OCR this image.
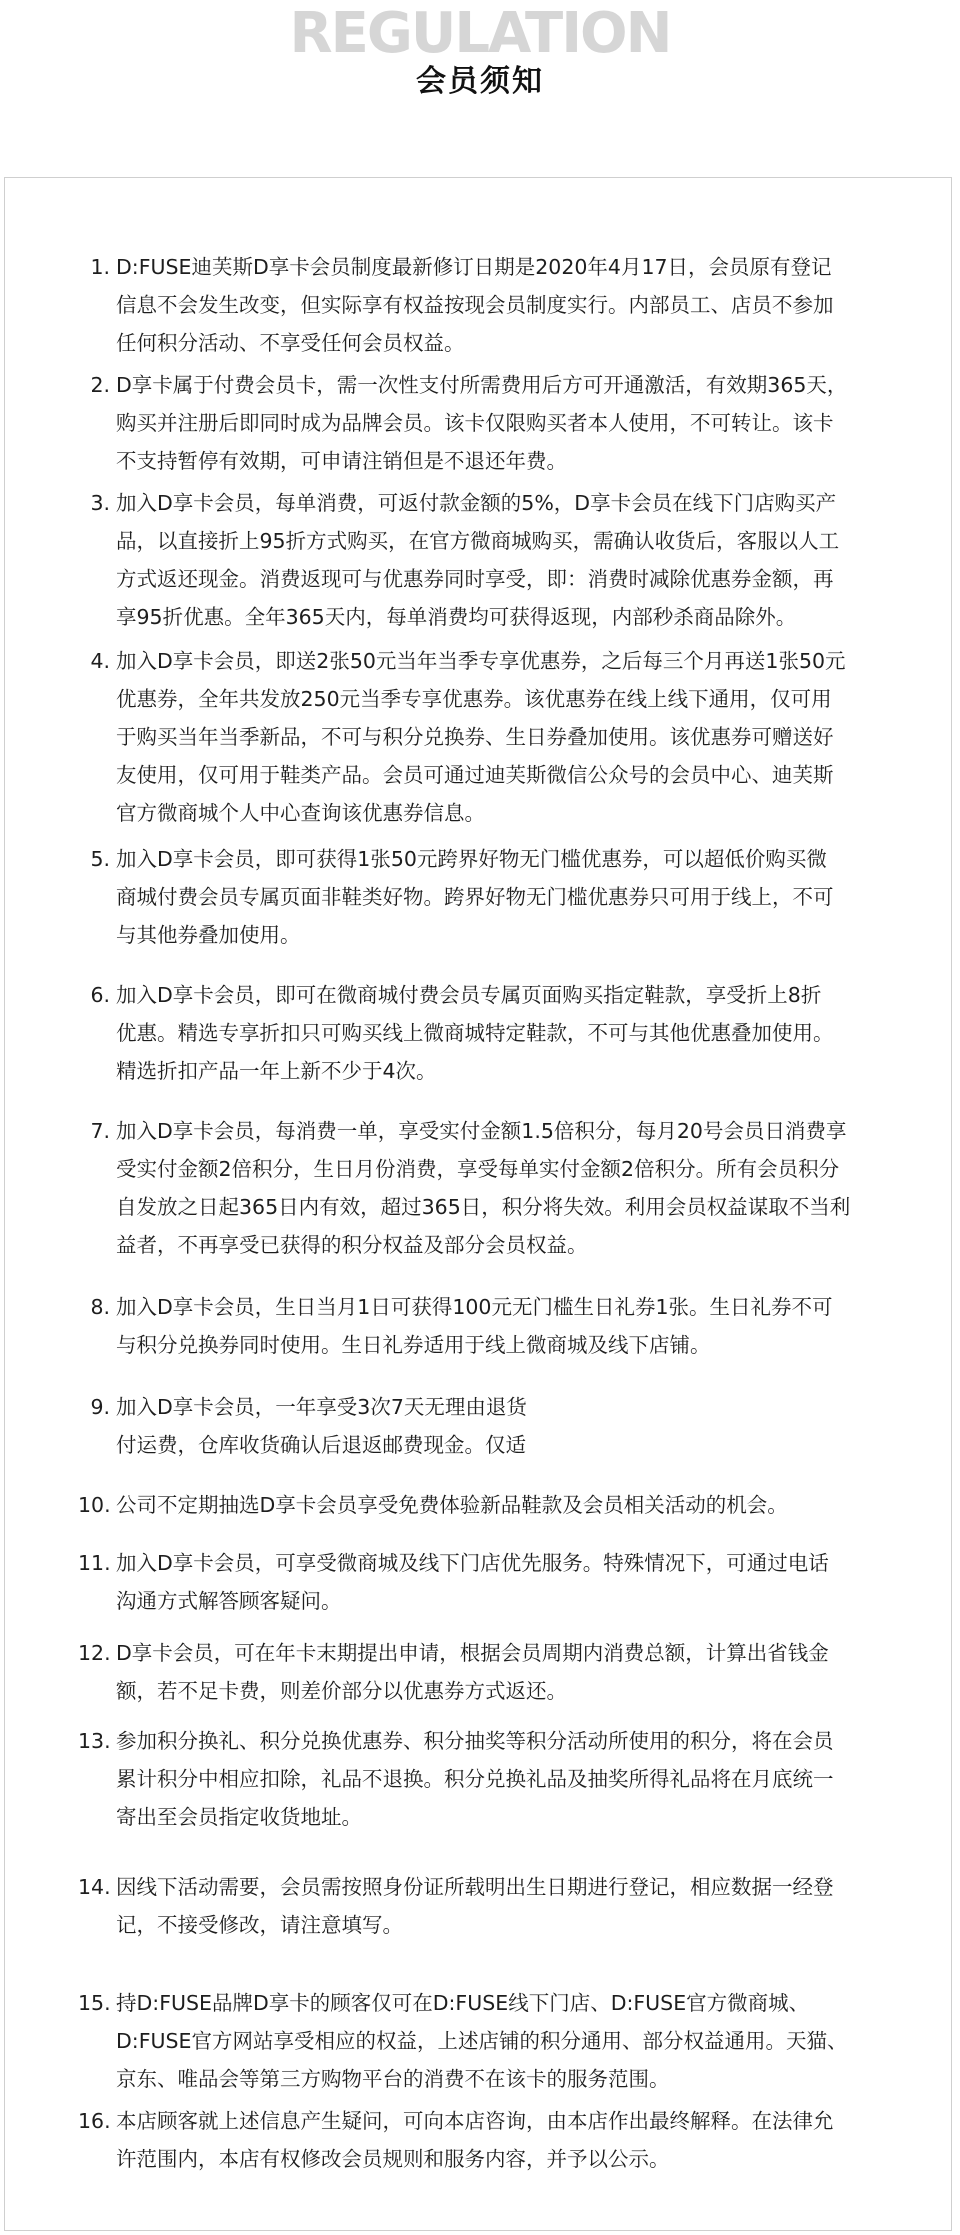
REGULATION
会员须知
1. D:FUSE迪芙斯D享卡会员制度最新修订日期是2020年4月17日，会员原有登记
信息不会发生改变，但实际享有权益按现会员制度实行。内部员工、店员不参加
任何积分活动、不享受任何会员权益。
2. D享卡属于付费会员卡，需一次性支付所需费用后方可开通激活，有效期365天，
购买并注册后即同时成为品牌会员。该卡仅限购买者本人使用，不可转让。该卡
不支持暂停有效期，可申请注销但是不退还年费。
3. 加入D享卡会员，每单消费，可返付款金额的5%，D享卡会员在线下门店购买产
品，以直接折上95折方式购买，在官方微商城购买，需确认收货后，客服以人工
方式返还现金。消费返现可与优惠券同时享受，即：消费时减除优惠券金额，再
享95折优惠。全年365天内，每单消费均可获得返现，内部秒杀商品除外。
4. 加入D享卡会员，即送2张50元当年当季专享优惠券，之后每三个月再送1张50元
优惠券，全年共发放250元当季专享优惠券。该优惠券在线上线下通用，仅可用
于购买当年当季新品，不可与积分兑换券、生日券叠加使用。该优惠券可赠送好
友使用，仅可用于鞋类产品。会员可通过迪芙斯微信公众号的会员中心、迪芙斯
官方微商城个人中心查询该优惠券信息。
5. 加入D享卡会员，即可获得1张50元跨界好物无门槛优惠券，可以超低价购买微
商城付费会员专属页面非鞋类好物。跨界好物无门槛优惠券只可用于线上，不可
与其他券叠加使用。
6. 加入D享卡会员，即可在微商城付费会员专属页面购买指定鞋款，享受折上8折
优惠。精选专享折扣只可购买线上微商城特定鞋款，不可与其他优惠叠加使用。
精选折扣产品一年上新不少于4次。
7. 加入D享卡会员，每消费一单，享受实付金额1.5倍积分，每月20号会员日消费享
受实付金额2倍积分，生日月份消费，享受每单实付金额2倍积分。所有会员积分
自发放之日起365日内有效，超过365日，积分将失效。利用会员权益谋取不当利
益者，不再享受已获得的积分权益及部分会员权益。
8. 加入D享卡会员，生日当月1日可获得100元无门槛生日礼券1张。生日礼券不可
与积分兑换券同时使用。生日礼券适用于线上微商城及线下店铺。
9. 加入D享卡会员，一年享受3次7天无理由退货
付运费，仓库收货确认后退返邮费现金。仅适
10. 公司不定期抽选D享卡会员享受免费体验新品鞋款及会员相关活动的机会。
11. 加入D享卡会员，可享受微商城及线下门店优先服务。特殊情况下，可通过电话
沟通方式解答顾客疑问。
12. D享卡会员，可在年卡末期提出申请，根据会员周期内消费总额，计算出省钱金
额，若不足卡费，则差价部分以优惠券方式返还。
13. 参加积分换礼、积分兑换优惠券、积分抽奖等积分活动所使用的积分，将在会员
累计积分中相应扣除，礼品不退换。积分兑换礼品及抽奖所得礼品将在月底统一
寄出至会员指定收货地址。
14. 因线下活动需要，会员需按照身份证所载明出生日期进行登记，相应数据一经登
记，不接受修改，请注意填写。
15. 持D:FUSE品牌D享卡的顾客仅可在D:FUSE线下门店、D:FUSE官方微商城、
D:FUSE官方网站享受相应的权益，上述店铺的积分通用、部分权益通用。天猫、
京东、唯品会等第三方购物平台的消费不在该卡的服务范围。
16. 本店顾客就上述信息产生疑问，可向本店咨询，由本店作出最终解释。在法律允
许范围内，本店有权修改会员规则和服务内容，并予以公示。
